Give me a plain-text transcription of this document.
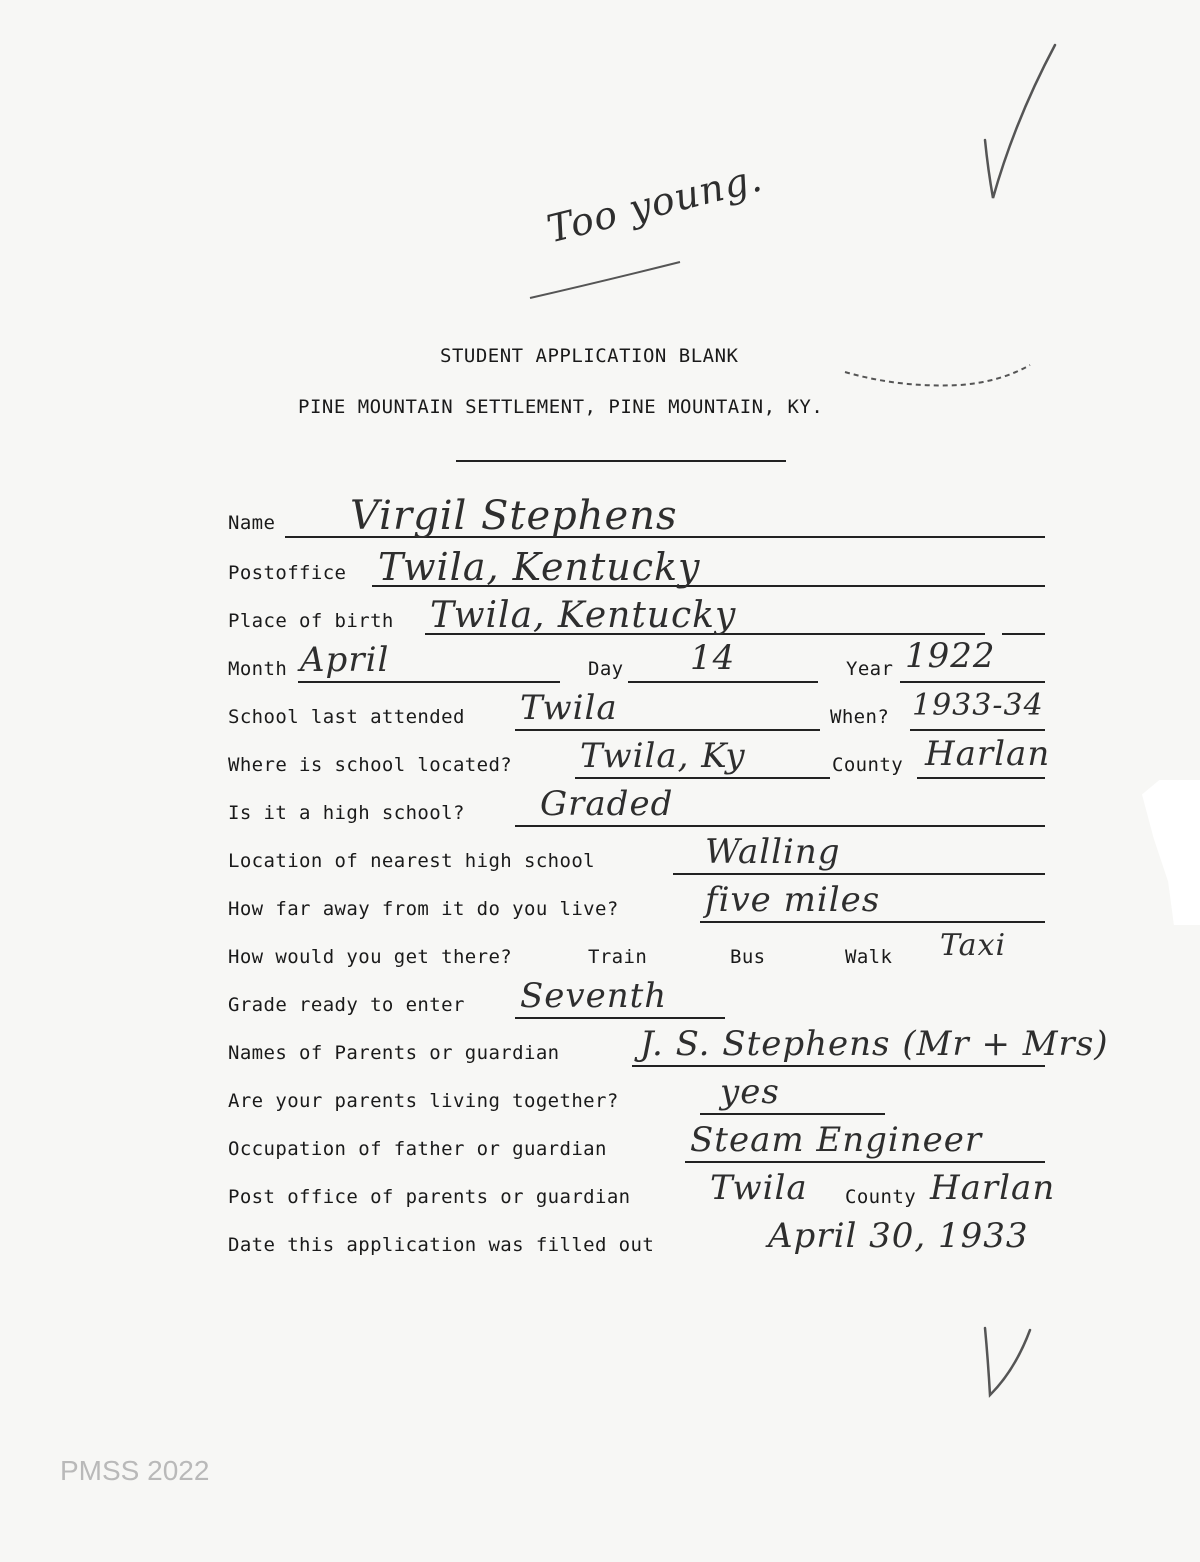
Too young.
STUDENT APPLICATION BLANK
PINE MOUNTAIN SETTLEMENT, PINE MOUNTAIN, KY.
Name Virgil Stephens
Postoffice Twila, Kentucky
Place of birth Twila, Kentucky
Month April	Day 14	Year 1922
School last attended Twila	When? 1933-34
Where is school located? Twila, Ky	County Harlan
Is it a high school? Graded
Location of nearest high school	Walling
How far away from it do you live?	five miles
How would you get there?	Train	Bus	Walk Taxi
Grade ready to enter Seventh
Names of Parents or guardian J. S. Stephens (Mr + Mrs)
Are your parents living together?	yes
Occupation of father or guardian Steam Engineer
Post office of parents or guardian Twila County Harlan
Date this application was filled out	April 30, 1933
PMSS 2022
